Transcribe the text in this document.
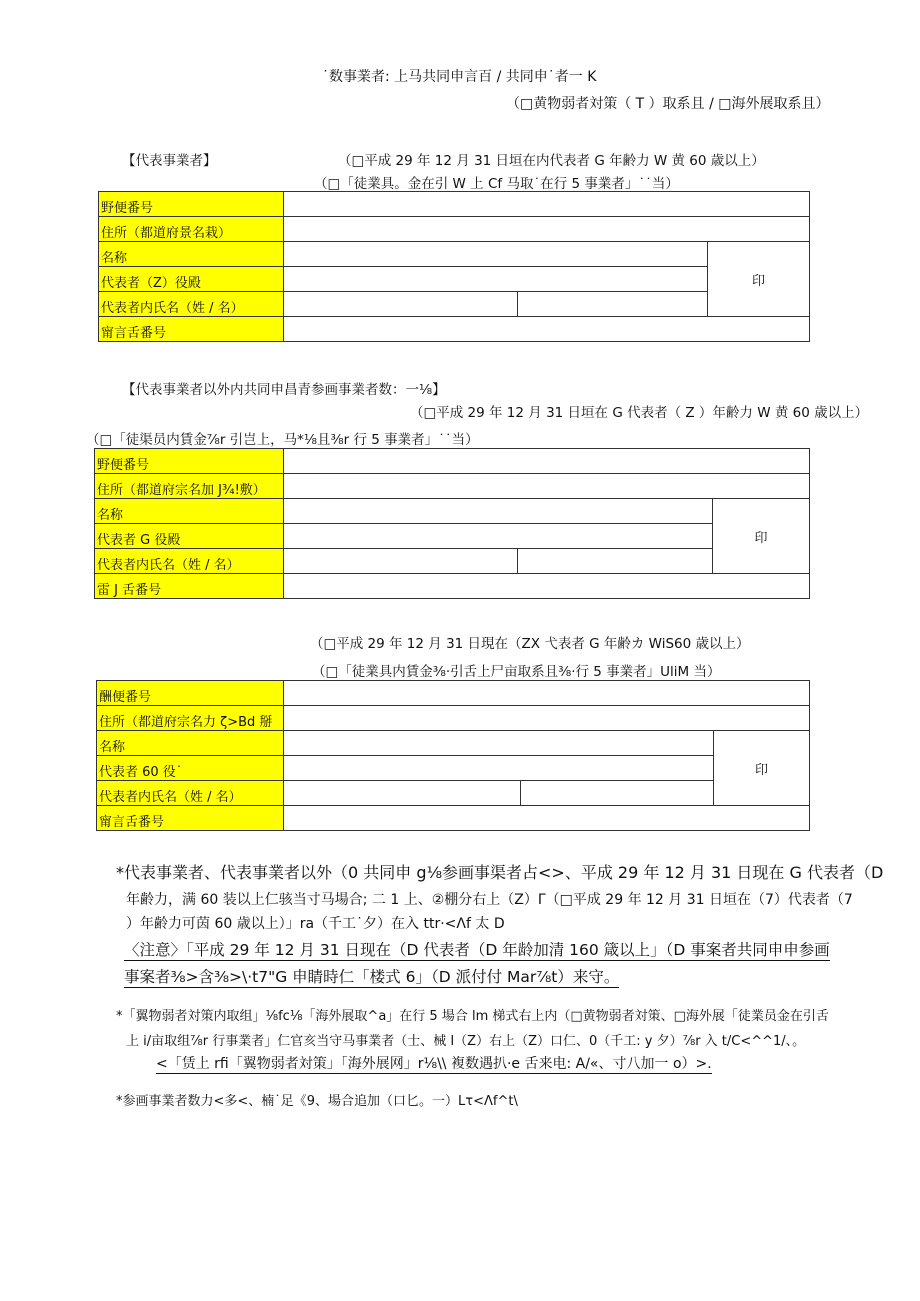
˙数事業者: 上马共同申言百 / 共同申˙者一 K
（□黄物弱者対策（ T ）取系且 / □海外展取系且）
【代表事業者】	（□平成 29 年 12 月 31 日垣在内代表者 G 年齢力 W 黄 60 歳以上）
（□「徒業具。金在引 W 上 Cf 马取˙在行 5 事業者」˙˙当）
野便番号			
住所（都道府景名栽）			
名称			印
代表者（Z）役殿			
代表者内氏名（姓 / 名）			
甯言舌番号			
【代表事業者以外内共同申昌青参画事業者数：一⅛】
（□平成 29 年 12 月 31 日垣在 G 代表者（ Z ）年齢力 W 黄 60 歳以上）
（□「徒渠员内賃金⅞r 引岂上，马*⅛且⅜r 行 5 事業者」˙˙当）
野便番号			
住所（都道府宗名加 J¾!敷）			
名称			印
代表者 G 役殿			
代表者内氏名（姓 / 名）			
雷 J 舌番号			
（□平成 29 年 12 月 31 日現在（ZX 弋表者 G 年齢カ WiS60 歳以上）
（□「徒業具内賃金⅜·引舌上尸亩取系且⅜·行 5 事業者」UliM 当）
酬便番号			
住所（都道府宗名力 ζ>Bd 掰			
名称			印
代表者 60 役˙			
代表者内氏名（姓 / 名）			
甯言舌番号			
*代表事業者、代表事業者以外（0 共同申 g⅛参画事渠者占<>、平成 29 年 12 月 31 日现在 G 代表者（D
年齢力，满 60 装以上仁骇当寸马場合; 二 1 上、②棚分右上（Z）Γ（□平成 29 年 12 月 31 日垣在（7）代表者（7
）年齢力可茵 60 歳以上）」ra（千工˙夕）在入 ttr·<Λf 太 D
〈注意〉「平成 29 年 12 月 31 日现在（D 代表者（D 年龄加清 160 箴以上」（D 事案者共同申申参画
事案者⅜>含⅜>\·t7"G 申睛時仁「楼式 6」（D 派付付 Mar⅞t）来守。
*「翼物弱者対策内取组」⅛fc⅛「海外展取^a」在行 5 場合 lm 梯式右上内（□黄物弱者対策、□海外展「徒業员金在引舌
上 i/亩取组⅞r 行事業者」仁官亥当守马事業者（士、械 I（Z）右上（Z）口仁、0（千工: y 夕）⅞r 入 t/C<^^1/、。
<「赁上 rfi「翼物弱者対策」「海外展网」r⅛\\ 複数遇扒·e 舌来电: A/«、寸八加一 o）>.
*参画事業者数力<多<、楠˙足《9、場合追加（口匕。一）Lτ<Λf^t\
